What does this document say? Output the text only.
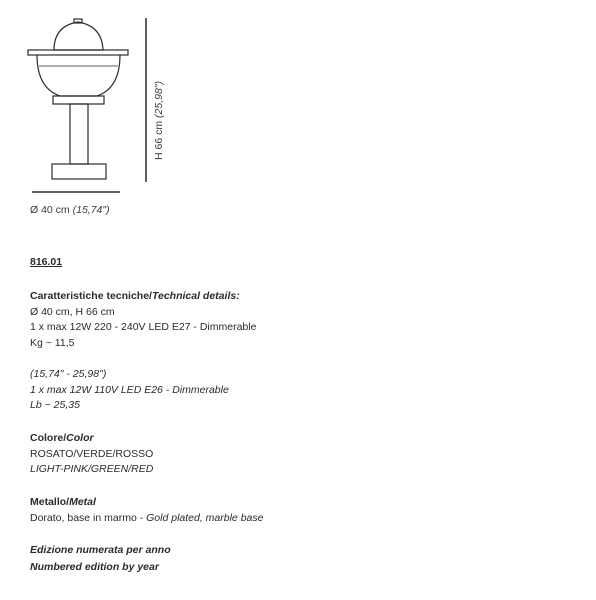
Ø 40 cm (15,74")
H 66 cm (25,98")
816.01
Caratteristiche tecniche/Technical details:
Ø 40 cm, H 66 cm
1 x max 12W 220 - 240V LED E27 - Dimmerable
Kg ~ 11,5
(15,74" - 25,98")
1 x max 12W 110V LED E26 - Dimmerable
Lb ~ 25,35
Colore/Color
ROSATO/VERDE/ROSSO
LIGHT-PINK/GREEN/RED
Metallo/Metal
Dorato, base in marmo - Gold plated, marble base
Edizione numerata per anno
Numbered edition by year
